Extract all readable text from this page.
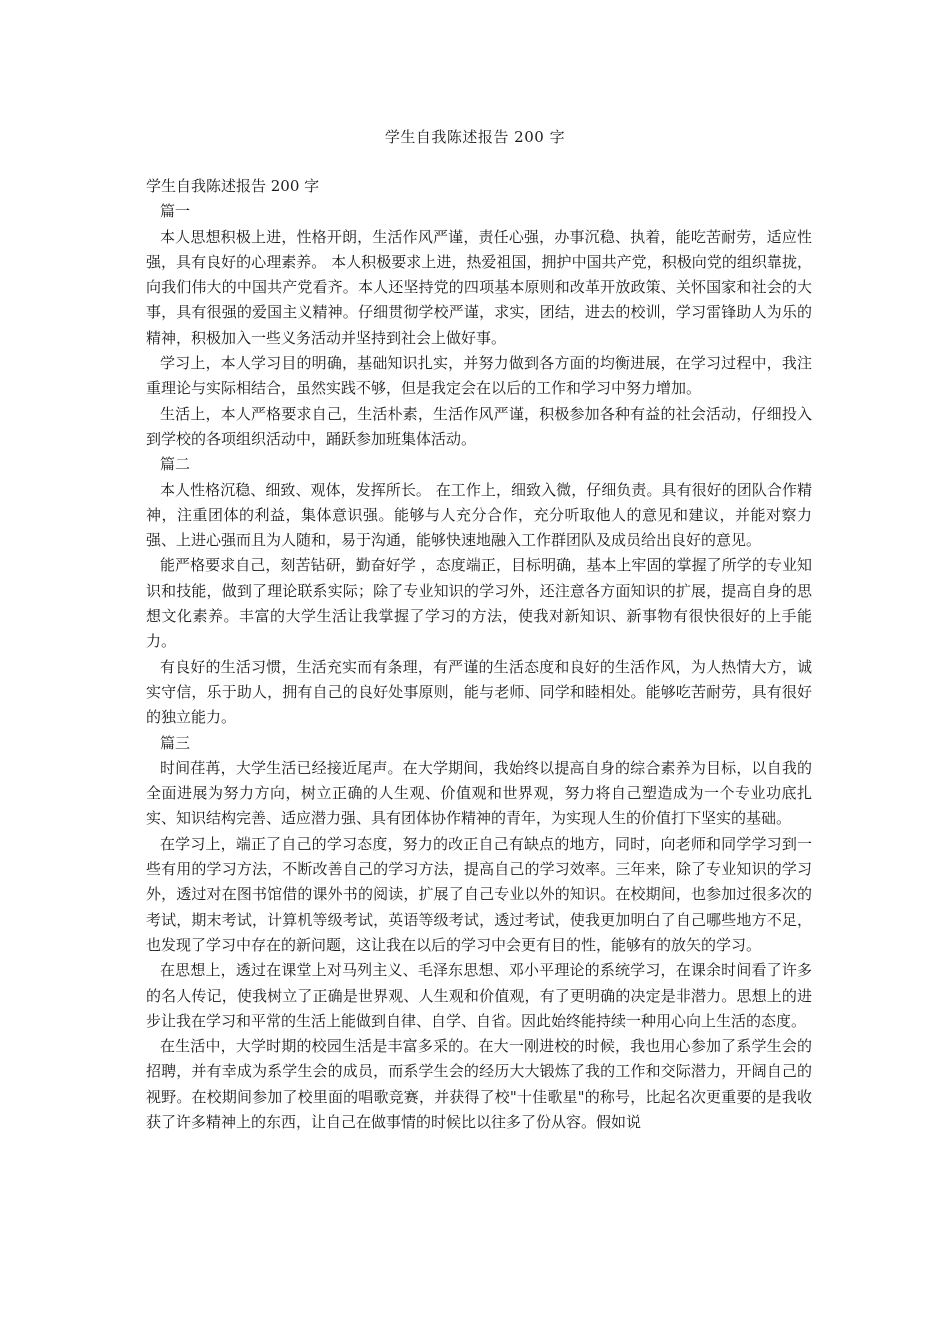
学生自我陈述报告 200 字

学生自我陈述报告 200 字

篇一

本人思想积极上进，性格开朗，生活作风严谨，责任心强，办事沉稳、执着，能吃苦耐劳，适应性强，具有良好的心理素养。 本人积极要求上进，热爱祖国，拥护中国共产党，积极向党的组织靠拢，向我们伟大的中国共产党看齐。本人还坚持党的四项基本原则和改革开放政策、关怀国家和社会的大事，具有很强的爱国主义精神。仔细贯彻学校严谨，求实，团结，进去的校训，学习雷锋助人为乐的精神，积极加入一些义务活动并坚持到社会上做好事。

学习上，本人学习目的明确，基础知识扎实，并努力做到各方面的均衡进展，在学习过程中，我注重理论与实际相结合，虽然实践不够，但是我定会在以后的工作和学习中努力增加。

生活上，本人严格要求自己，生活朴素，生活作风严谨，积极参加各种有益的社会活动，仔细投入到学校的各项组织活动中，踊跃参加班集体活动。

篇二

本人性格沉稳、细致、观体，发挥所长。 在工作上，细致入微，仔细负责。具有很好的团队合作精神，注重团体的利益，集体意识强。能够与人充分合作，充分听取他人的意见和建议，并能对察力强、上进心强而且为人随和，易于沟通，能够快速地融入工作群团队及成员给出良好的意见。

能严格要求自己，刻苦钻研，勤奋好学 ，态度端正，目标明确，基本上牢固的掌握了所学的专业知识和技能，做到了理论联系实际；除了专业知识的学习外，还注意各方面知识的扩展，提高自身的思想文化素养。丰富的大学生活让我掌握了学习的方法，使我对新知识、新事物有很快很好的上手能力。

有良好的生活习惯，生活充实而有条理，有严谨的生活态度和良好的生活作风，为人热情大方，诚实守信，乐于助人，拥有自己的良好处事原则，能与老师、同学和睦相处。能够吃苦耐劳，具有很好的独立能力。

篇三

时间荏苒，大学生活已经接近尾声。在大学期间，我始终以提高自身的综合素养为目标，以自我的全面进展为努力方向，树立正确的人生观、价值观和世界观，努力将自己塑造成为一个专业功底扎实、知识结构完善、适应潜力强、具有团体协作精神的青年，为实现人生的价值打下坚实的基础。

在学习上，端正了自己的学习态度，努力的改正自己有缺点的地方，同时，向老师和同学学习到一些有用的学习方法，不断改善自己的学习方法，提高自己的学习效率。三年来，除了专业知识的学习外，透过对在图书馆借的课外书的阅读，扩展了自己专业以外的知识。在校期间，也参加过很多次的考试，期末考试，计算机等级考试，英语等级考试，透过考试，使我更加明白了自己哪些地方不足，也发现了学习中存在的新问题，这让我在以后的学习中会更有目的性，能够有的放矢的学习。

在思想上，透过在课堂上对马列主义、毛泽东思想、邓小平理论的系统学习，在课余时间看了许多的名人传记，使我树立了正确是世界观、人生观和价值观，有了更明确的决定是非潜力。思想上的进步让我在学习和平常的生活上能做到自律、自学、自省。因此始终能持续一种用心向上生活的态度。

在生活中，大学时期的校园生活是丰富多采的。在大一刚进校的时候，我也用心参加了系学生会的招聘，并有幸成为系学生会的成员，而系学生会的经历大大锻炼了我的工作和交际潜力，开阔自己的视野。在校期间参加了校里面的唱歌竞赛，并获得了校"十佳歌星"的称号，比起名次更重要的是我收获了许多精神上的东西，让自己在做事情的时候比以往多了份从容。假如说
